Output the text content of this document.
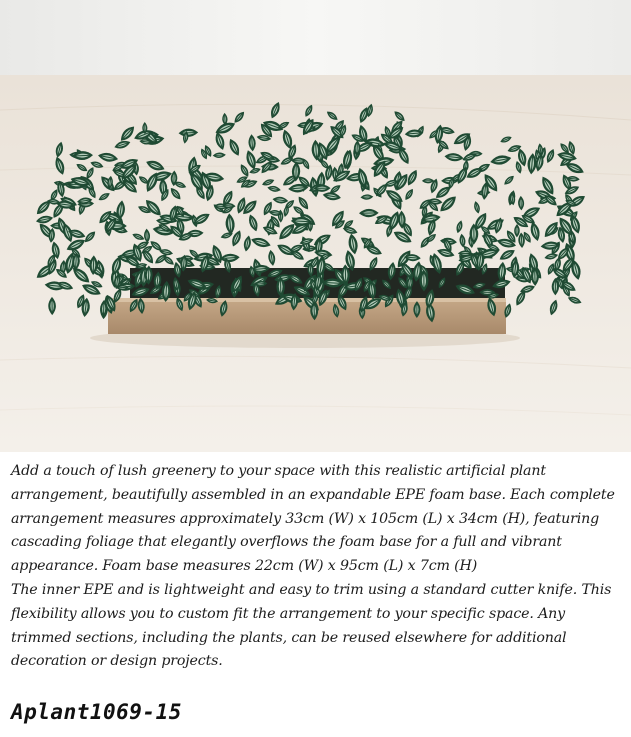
Add a touch of lush greenery to your space with this realistic artificial plant arrangement, beautifully assembled in an expandable EPE foam base. Each complete arrangement measures approximately 33cm (W) x 105cm (L) x 34cm (H), featuring cascading foliage that elegantly overflows the foam base for a full and vibrant appearance. Foam base measures 22cm (W) x 95cm (L) x 7cm (H)
The inner EPE and is lightweight and easy to trim using a standard cutter knife. This flexibility allows you to custom fit the arrangement to your specific space. Any trimmed sections, including the plants, can be reused elsewhere for additional decoration or design projects.
Aplant1069-15
